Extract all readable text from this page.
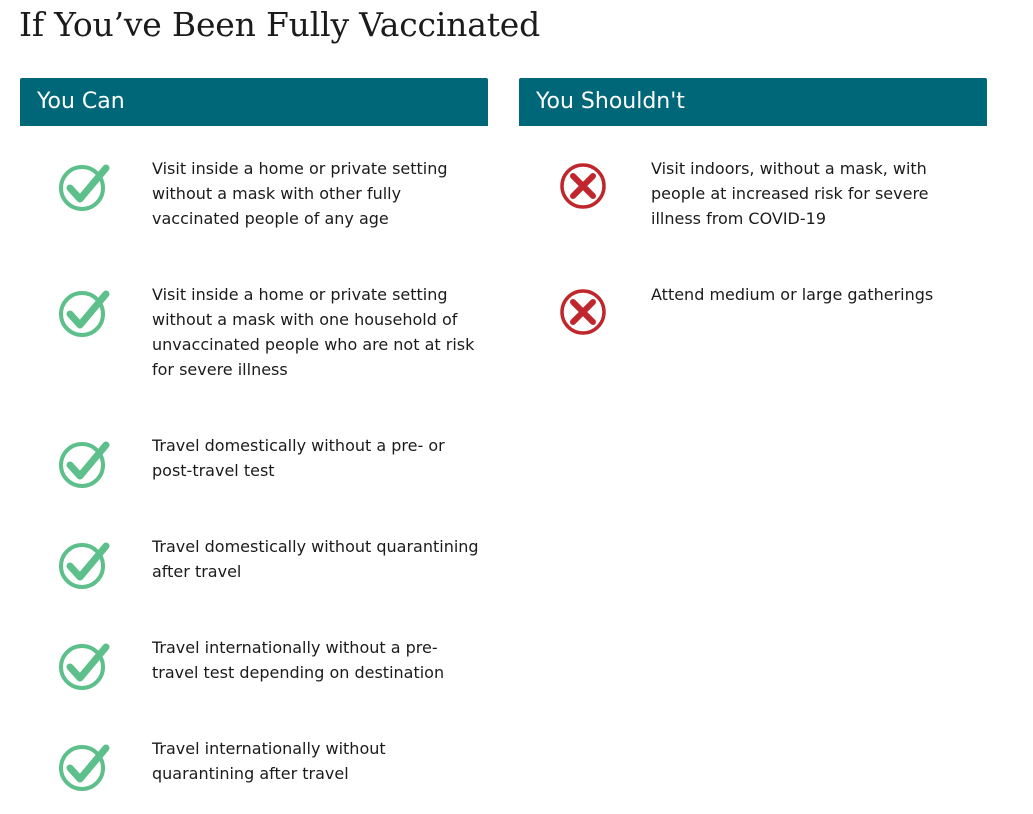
If You’ve Been Fully Vaccinated
You Can
Visit inside a home or private setting without a mask with other fully vaccinated people of any age
Visit inside a home or private setting without a mask with one household of unvaccinated people who are not at risk for severe illness
Travel domestically without a pre- or post-travel test
Travel domestically without quarantining after travel
Travel internationally without a pre-travel test depending on destination
Travel internationally without quarantining after travel
You Shouldn't
Visit indoors, without a mask, with people at increased risk for severe illness from COVID-19
Attend medium or large gatherings
